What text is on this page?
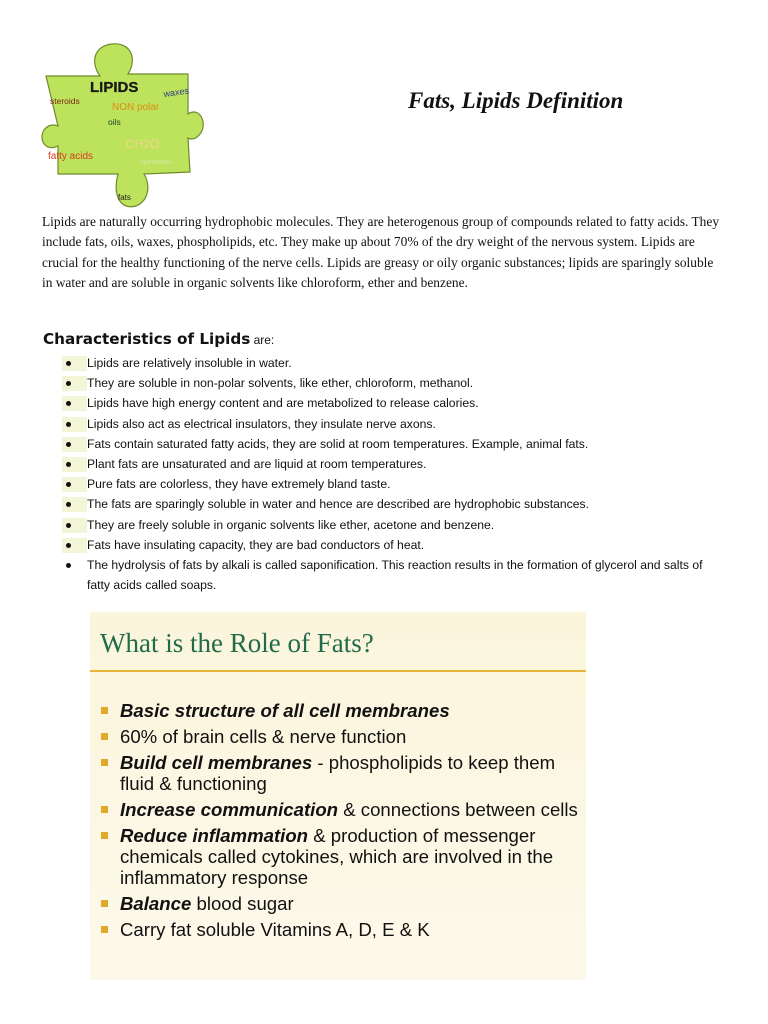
LIPIDS	waxes
steroids
NON polar
oils
CH2O
fatty acids
hydrophobic
fats
Fats, Lipids Definition

Lipids are naturally occurring hydrophobic molecules. They are heterogenous group of compounds related to fatty acids. They include fats, oils, waxes, phospholipids, etc. They make up about 70% of the dry weight of the nervous system. Lipids are crucial for the healthy functioning of the nerve cells. Lipids are greasy or oily organic substances; lipids are sparingly soluble in water and are soluble in organic solvents like chloroform, ether and benzene.

Characteristics of Lipids are:
Lipids are relatively insoluble in water.
They are soluble in non-polar solvents, like ether, chloroform, methanol.
Lipids have high energy content and are metabolized to release calories.
Lipids also act as electrical insulators, they insulate nerve axons.
Fats contain saturated fatty acids, they are solid at room temperatures. Example, animal fats.
Plant fats are unsaturated and are liquid at room temperatures.
Pure fats are colorless, they have extremely bland taste.
The fats are sparingly soluble in water and hence are described are hydrophobic substances.
They are freely soluble in organic solvents like ether, acetone and benzene.
Fats have insulating capacity, they are bad conductors of heat.
The hydrolysis of fats by alkali is called saponification. This reaction results in the formation of glycerol and salts of fatty acids called soaps.
What is the Role of Fats?
Basic structure of all cell membranes
60% of brain cells & nerve function
Build cell membranes - phospholipids to keep them fluid & functioning
Increase communication & connections between cells
Reduce inflammation & production of messenger chemicals called cytokines, which are involved in the inflammatory response
Balance blood sugar
Carry fat soluble Vitamins A, D, E & K
